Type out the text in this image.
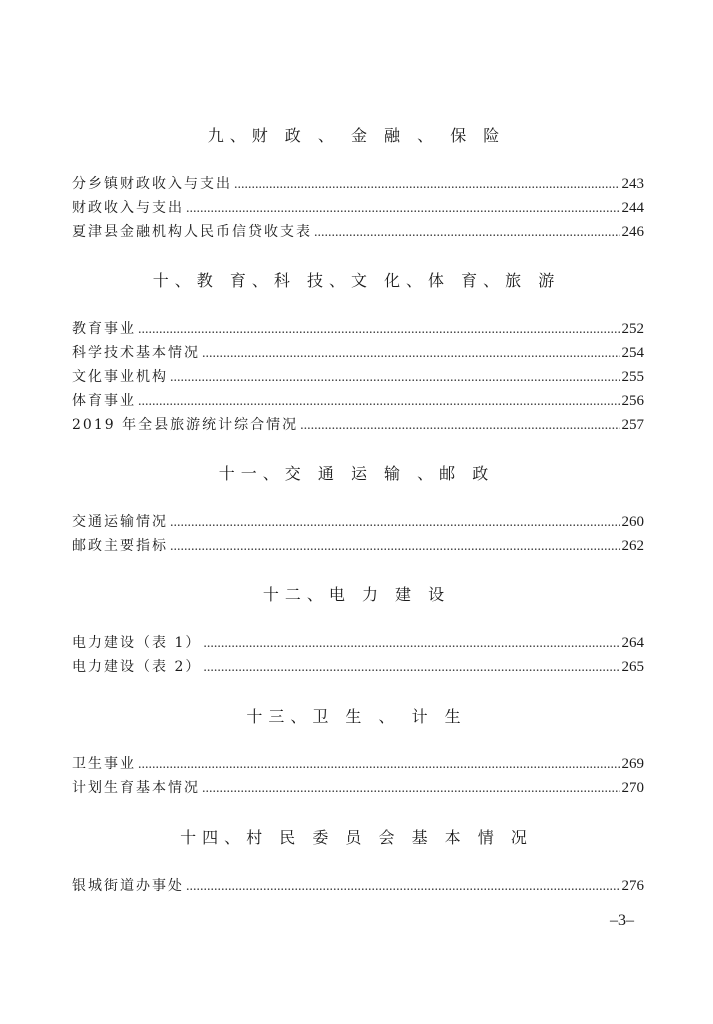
九、财 政 、 金 融 、 保 险
分乡镇财政收入与支出 .....	243
财政收入与支出 .....	244
夏津县金融机构人民币信贷收支表 .....	246
十、教 育、科 技、文 化、体 育、旅 游
教育事业 .....	252
科学技术基本情况 .....	254
文化事业机构 .....	255
体育事业 .....	256
2019 年全县旅游统计综合情况 .....	257
十一、交 通 运 输 、邮 政
交通运输情况 .....	260
邮政主要指标 .....	262
十二、电 力 建 设
电力建设（表 1） .....	264
电力建设（表 2） .....	265
十三、卫 生 、 计 生
卫生事业 .....	269
计划生育基本情况 .....	270
十四、村 民 委 员 会 基 本 情 况
银城街道办事处 .....	276
–3–
